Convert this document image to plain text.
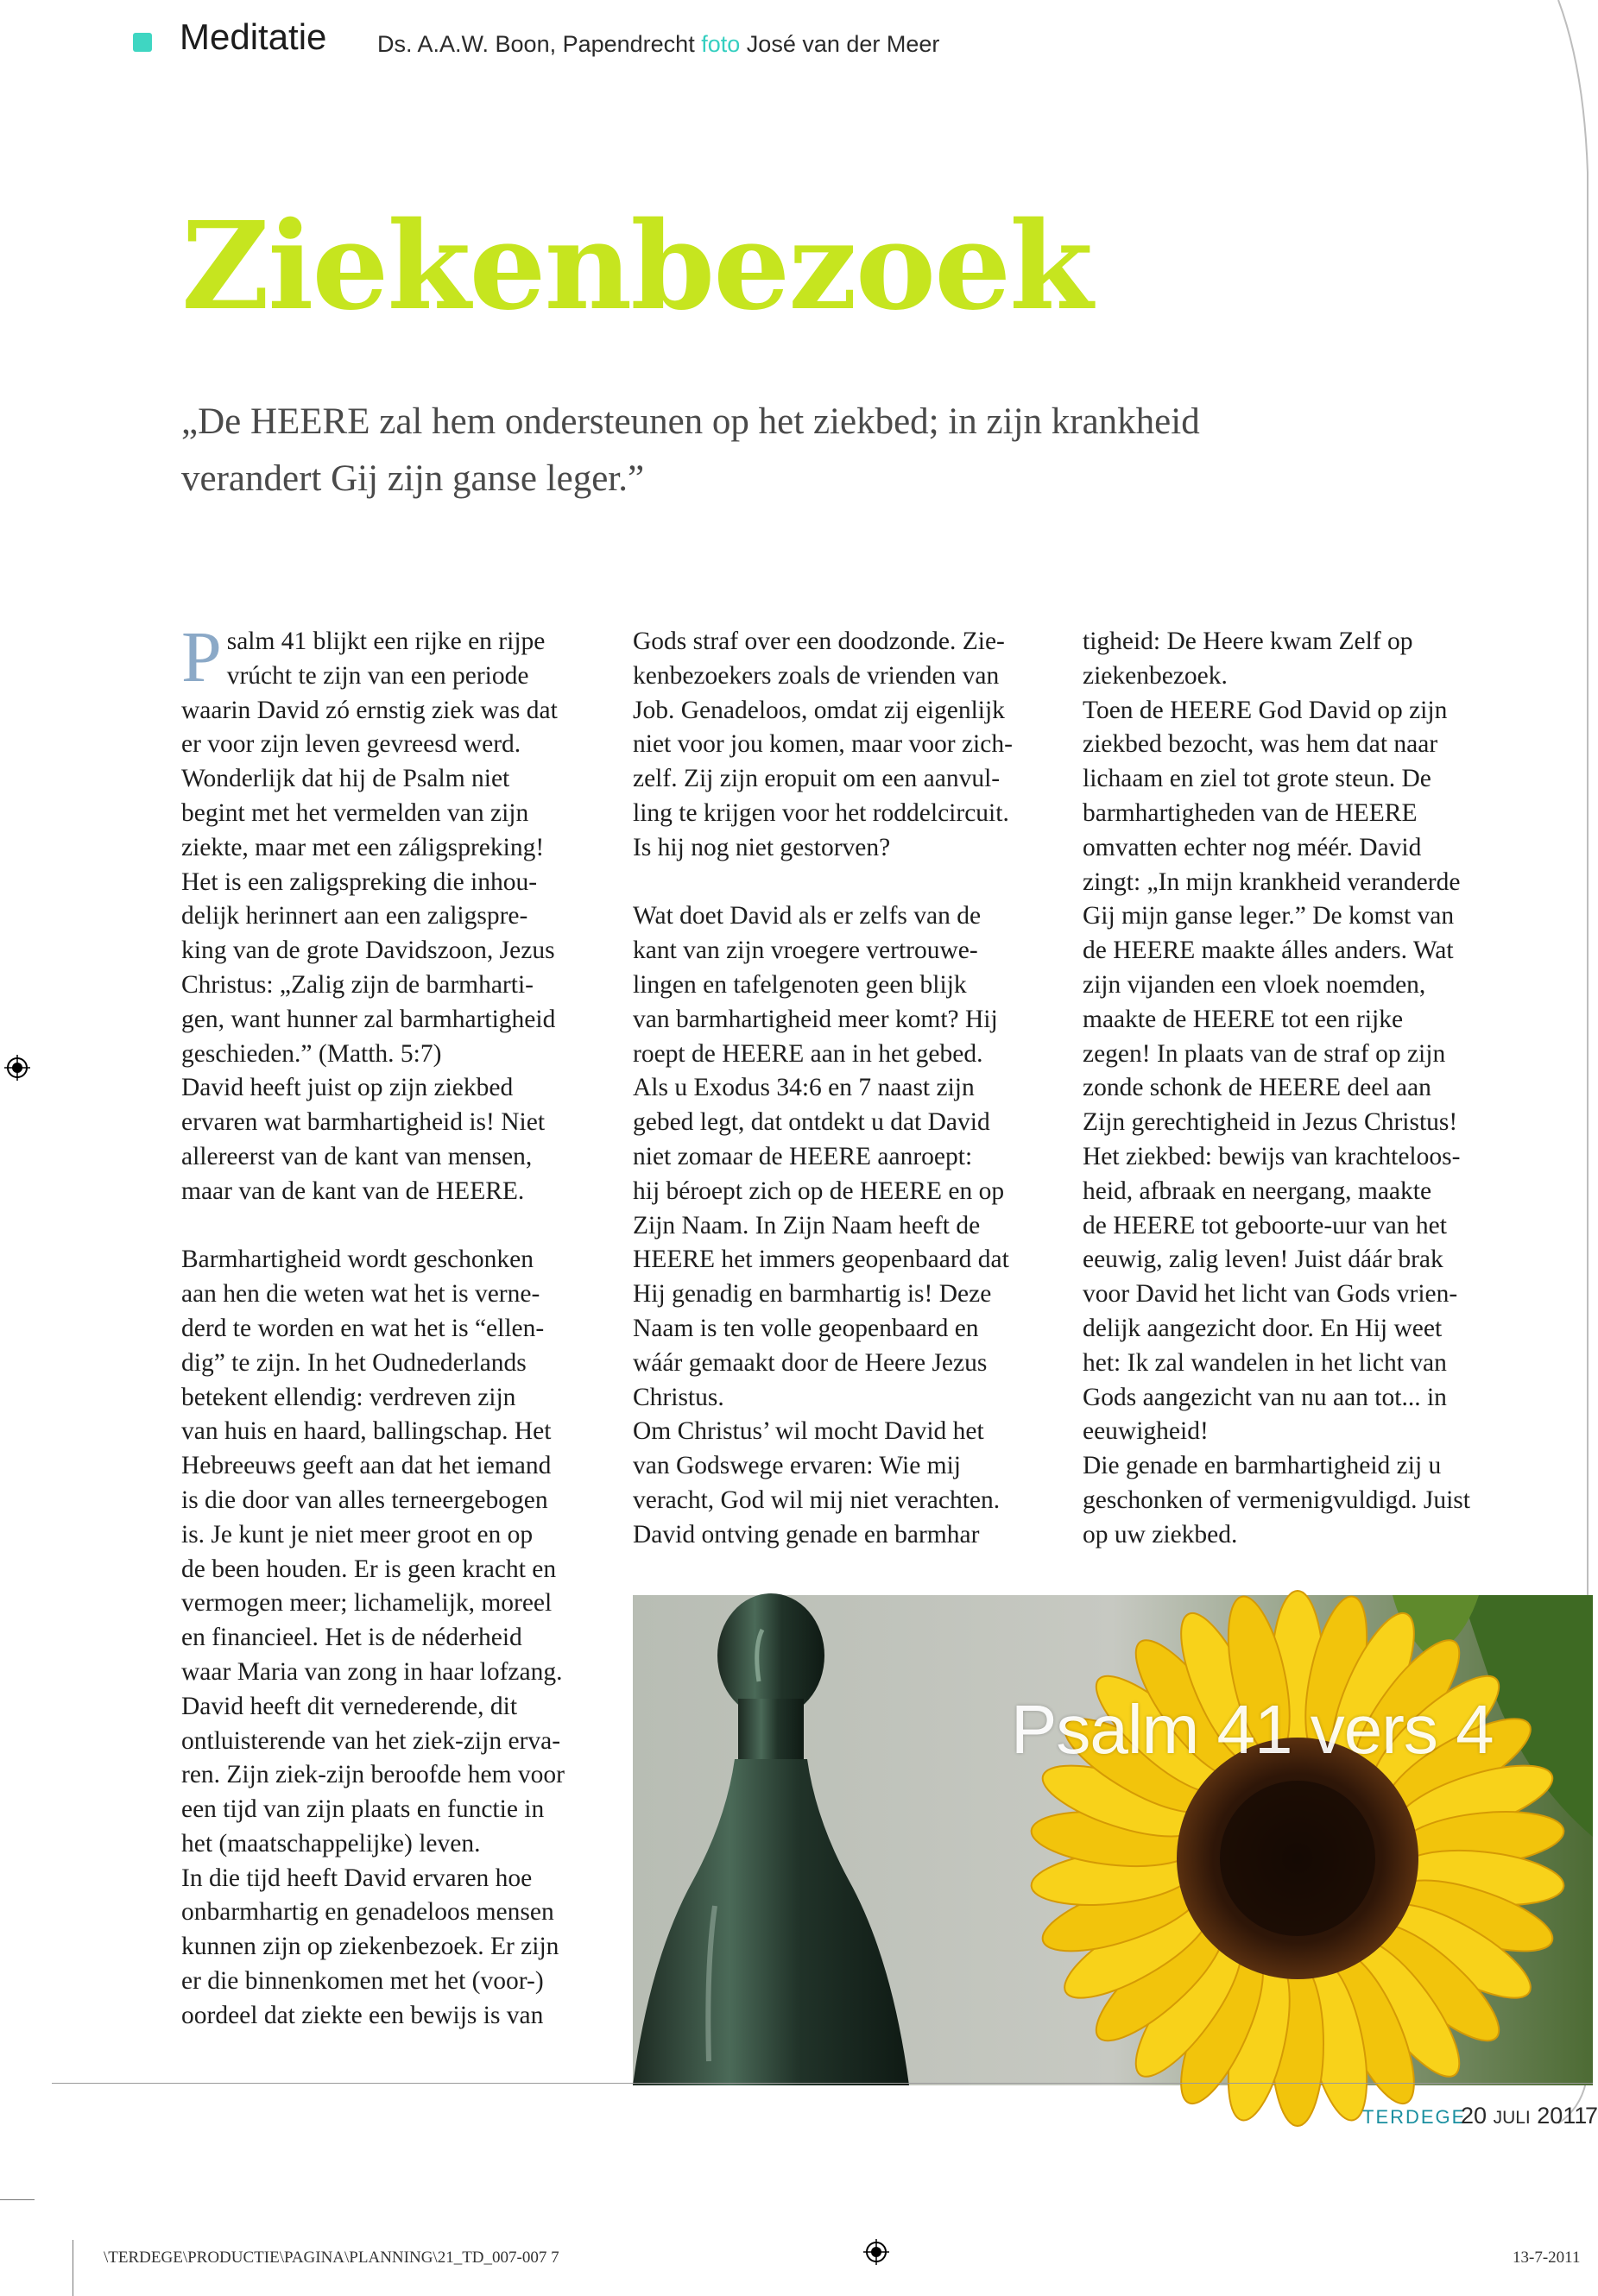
Meditatie Ds. A.A.W. Boon, Papendrecht foto José van der Meer
Ziekenbezoek
„De HEERE zal hem ondersteunen op het ziekbed; in zijn krankheid
verandert Gij zijn ganse leger.”
P salm 41 blijkt een rijke en rijpe
vrúcht te zijn van een periode
waarin David zó ernstig ziek was dat
er voor zijn leven gevreesd werd.
Wonderlijk dat hij de Psalm niet
begint met het vermelden van zijn
ziekte, maar met een záligspreking!
Het is een zaligspreking die inhou-
delijk herinnert aan een zaligspre-
king van de grote Davidszoon, Jezus
Christus: „Zalig zijn de barmharti-
gen, want hunner zal barmhartigheid
geschieden.” (Matth. 5:7)
David heeft juist op zijn ziekbed
ervaren wat barmhartigheid is! Niet
allereerst van de kant van mensen,
maar van de kant van de HEERE.

Barmhartigheid wordt geschonken
aan hen die weten wat het is verne-
derd te worden en wat het is “ellen-
dig” te zijn. In het Oudnederlands
betekent ellendig: verdreven zijn
van huis en haard, ballingschap. Het
Hebreeuws geeft aan dat het iemand
is die door van alles terneergebogen
is. Je kunt je niet meer groot en op
de been houden. Er is geen kracht en
vermogen meer; lichamelijk, moreel
en financieel. Het is de néderheid
waar Maria van zong in haar lofzang.
David heeft dit vernederende, dit
ontluisterende van het ziek-zijn erva-
ren. Zijn ziek-zijn beroofde hem voor
een tijd van zijn plaats en functie in
het (maatschappelijke) leven.
In die tijd heeft David ervaren hoe
onbarmhartig en genadeloos mensen
kunnen zijn op ziekenbezoek. Er zijn
er die binnenkomen met het (voor-)
oordeel dat ziekte een bewijs is van

Gods straf over een doodzonde. Zie-
kenbezoekers zoals de vrienden van
Job. Genadeloos, omdat zij eigenlijk
niet voor jou komen, maar voor zich-
zelf. Zij zijn eropuit om een aanvul-
ling te krijgen voor het roddelcircuit.
Is hij nog niet gestorven?

Wat doet David als er zelfs van de
kant van zijn vroegere vertrouwe-
lingen en tafelgenoten geen blijk
van barmhartigheid meer komt? Hij
roept de HEERE aan in het gebed.
Als u Exodus 34:6 en 7 naast zijn
gebed legt, dat ontdekt u dat David
niet zomaar de HEERE aanroept:
hij béroept zich op de HEERE en op
Zijn Naam. In Zijn Naam heeft de
HEERE het immers geopenbaard dat
Hij genadig en barmhartig is! Deze
Naam is ten volle geopenbaard en
wáár gemaakt door de Heere Jezus
Christus.
Om Christus’ wil mocht David het
van Godswege ervaren: Wie mij
veracht, God wil mij niet verachten.
David ontving genade en barmhar

tigheid: De Heere kwam Zelf op
ziekenbezoek.
Toen de HEERE God David op zijn
ziekbed bezocht, was hem dat naar
lichaam en ziel tot grote steun. De
barmhartigheden van de HEERE
omvatten echter nog méér. David
zingt: „In mijn krankheid veranderde
Gij mijn ganse leger.” De komst van
de HEERE maakte álles anders. Wat
zijn vijanden een vloek noemden,
maakte de HEERE tot een rijke
zegen! In plaats van de straf op zijn
zonde schonk de HEERE deel aan
Zijn gerechtigheid in Jezus Christus!
Het ziekbed: bewijs van krachteloos-
heid, afbraak en neergang, maakte
de HEERE tot geboorte-uur van het
eeuwig, zalig leven! Juist dáár brak
voor David het licht van Gods vrien-
delijk aangezicht door. En Hij weet
het: Ik zal wandelen in het licht van
Gods aangezicht van nu aan tot... in
eeuwigheid!
Die genade en barmhartigheid zij u
geschonken of vermenigvuldigd. Juist
op uw ziekbed.

Psalm 41 vers 4
TERDEGE
20 JULI 2011
7
\TERDEGE\PRODUCTIE\PAGINA\PLANNING\21_TD_007-007 7	13-7-2011
